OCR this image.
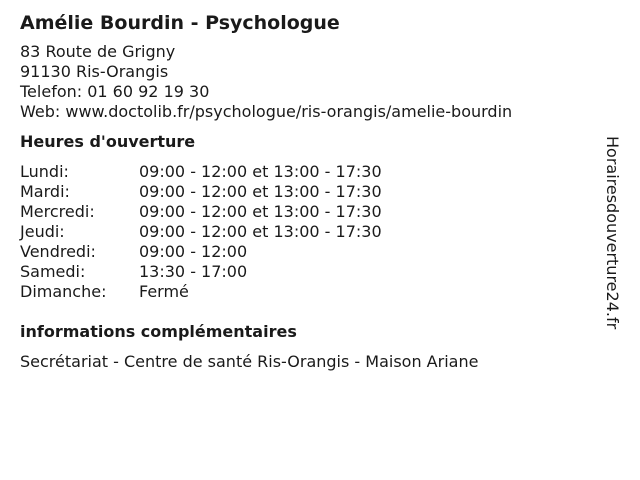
Amélie Bourdin - Psychologue
83 Route de Grigny
91130 Ris-Orangis
Telefon: 01 60 92 19 30
Web: www.doctolib.fr/psychologue/ris-orangis/amelie-bourdin
Heures d'ouverture
Lundi:	09:00 - 12:00 et 13:00 - 17:30
Mardi:	09:00 - 12:00 et 13:00 - 17:30
Mercredi:	09:00 - 12:00 et 13:00 - 17:30
Jeudi:	09:00 - 12:00 et 13:00 - 17:30
Vendredi:	09:00 - 12:00
Samedi:	13:30 - 17:00
Dimanche:	Fermé
informations complémentaires
Secrétariat - Centre de santé Ris-Orangis - Maison Ariane
Horairesdouverture24.fr
